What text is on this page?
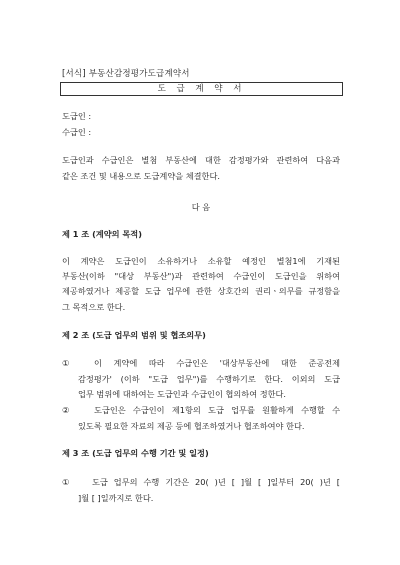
[서식] 부동산감정평가도급계약서
도 급 계 약 서
도급인 :
수급인 :
도급인과 수급인은 별첨 부동산에 대한 감정평가와 관련하여 다음과
같은 조건 및 내용으로 도급계약을 체결한다.
다 음
제 1 조 (계약의 목적)
이 계약은 도급인이 소유하거나 소유할 예정인 별첨1에 기재된
부동산(이하 "대상 부동산")과 관련하여 수급인이 도급인을 위하여
제공하였거나 제공할 도급 업무에 관한 상호간의 권리ㆍ의무를 규정함을
그 목적으로 한다.
제 2 조 (도급 업무의 범위 및 협조의무)
①	이 계약에 따라 수급인은 '대상부동산에 대한 준공전제
감정평가' (이하 "도급 업무")를 수행하기로 한다. 이외의 도급
업무 범위에 대하여는 도급인과 수급인이 협의하여 정한다.
②	도급인은 수급인이 제1항의 도급 업무를 원활하게 수행할 수
있도록 필요한 자료의 제공 등에 협조하였거나 협조하여야 한다.
제 3 조 (도급 업무의 수행 기간 및 일정)
①	도급 업무의 수행 기간은 20( )년 [ ]월 [ ]일부터 20( )년 [
]월 [ ]일까지로 한다.
